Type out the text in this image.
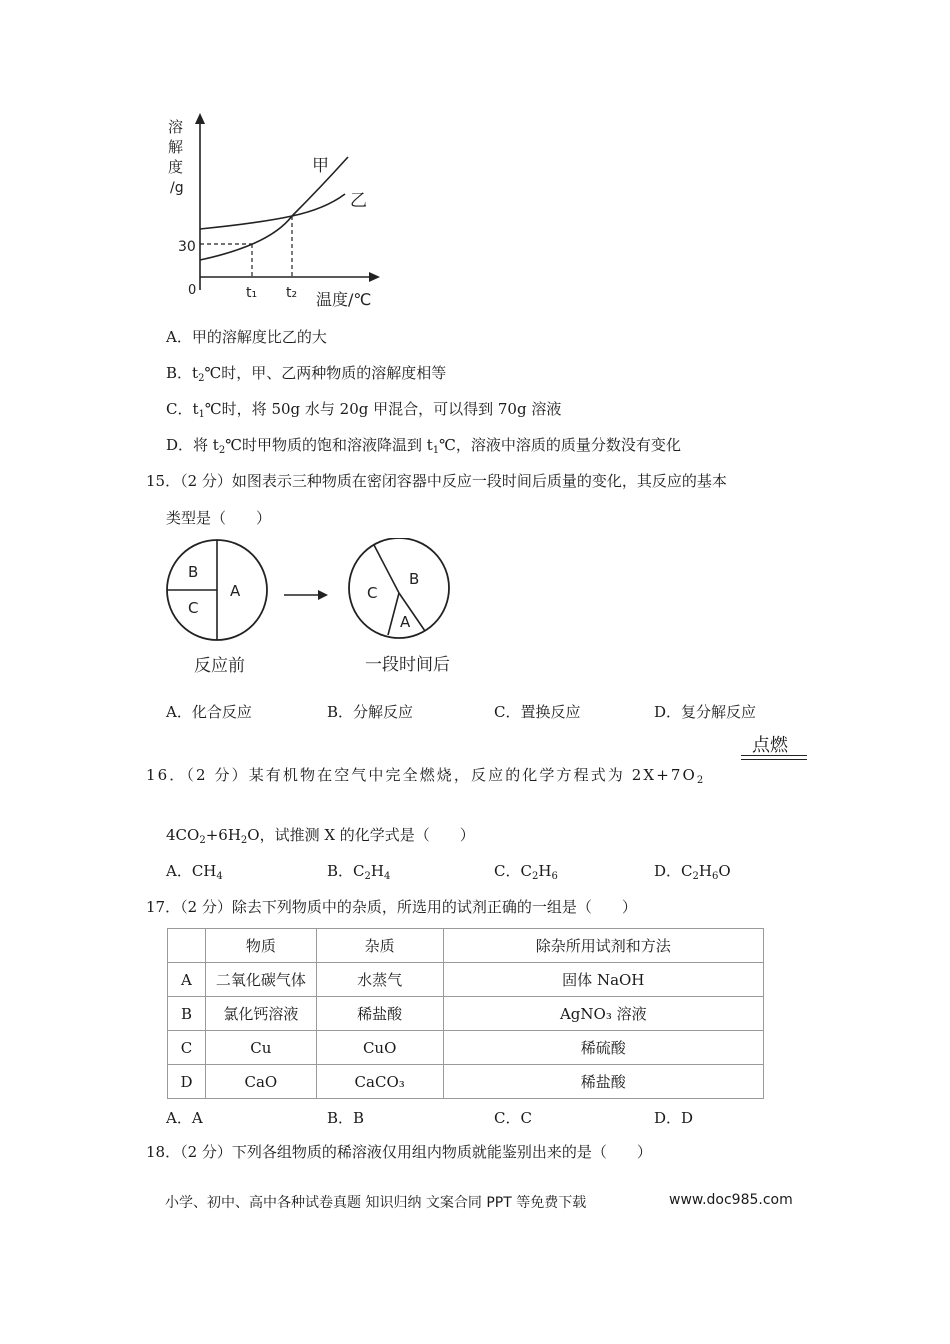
溶
解
度
/g
30
0	t₁ t₂ 温度/℃
甲
乙
A．甲的溶解度比乙的大
B．$t_2℃$时，甲、乙两种物质的溶解度相等
C．$t_1℃$时，将 50g 水与 20g 甲混合，可以得到 70g 溶液
D．将 $t_2℃$时甲物质的饱和溶液降温到 $t_1℃$，溶液中溶质的质量分数没有变化
15．（2 分）如图表示三种物质在密闭容器中反应一段时间后质量的变化，其反应的基本
类型是（　　）
B
C
A	C
B
A
反应前	一段时间后
A．化合反应	B．分解反应	C．置换反应	D．复分解反应
点燃
16．（2 分）某有机物在空气中完全燃烧，反应的化学方程式为 $2X+7O_2$
$4CO_2+6H_2O$，试推测 X 的化学式是（　　）
A．$CH_4$	B．$C_2H_4$	C．$C_2H_6$	D．$C_2H_6O$
17．（2 分）除去下列物质中的杂质，所选用的试剂正确的一组是（　　）
	物质	杂质	除杂所用试剂和方法
A	二氧化碳气体	水蒸气	固体 NaOH
B	氯化钙溶液	稀盐酸	AgNO₃ 溶液
C	Cu	CuO	稀硫酸
D	CaO	CaCO₃	稀盐酸
A．A	B．B	C．C	D．D
18．（2 分）下列各组物质的稀溶液仅用组内物质就能鉴别出来的是（　　）
小学、初中、高中各种试卷真题 知识归纳 文案合同 PPT 等免费下载	www.doc985.com
